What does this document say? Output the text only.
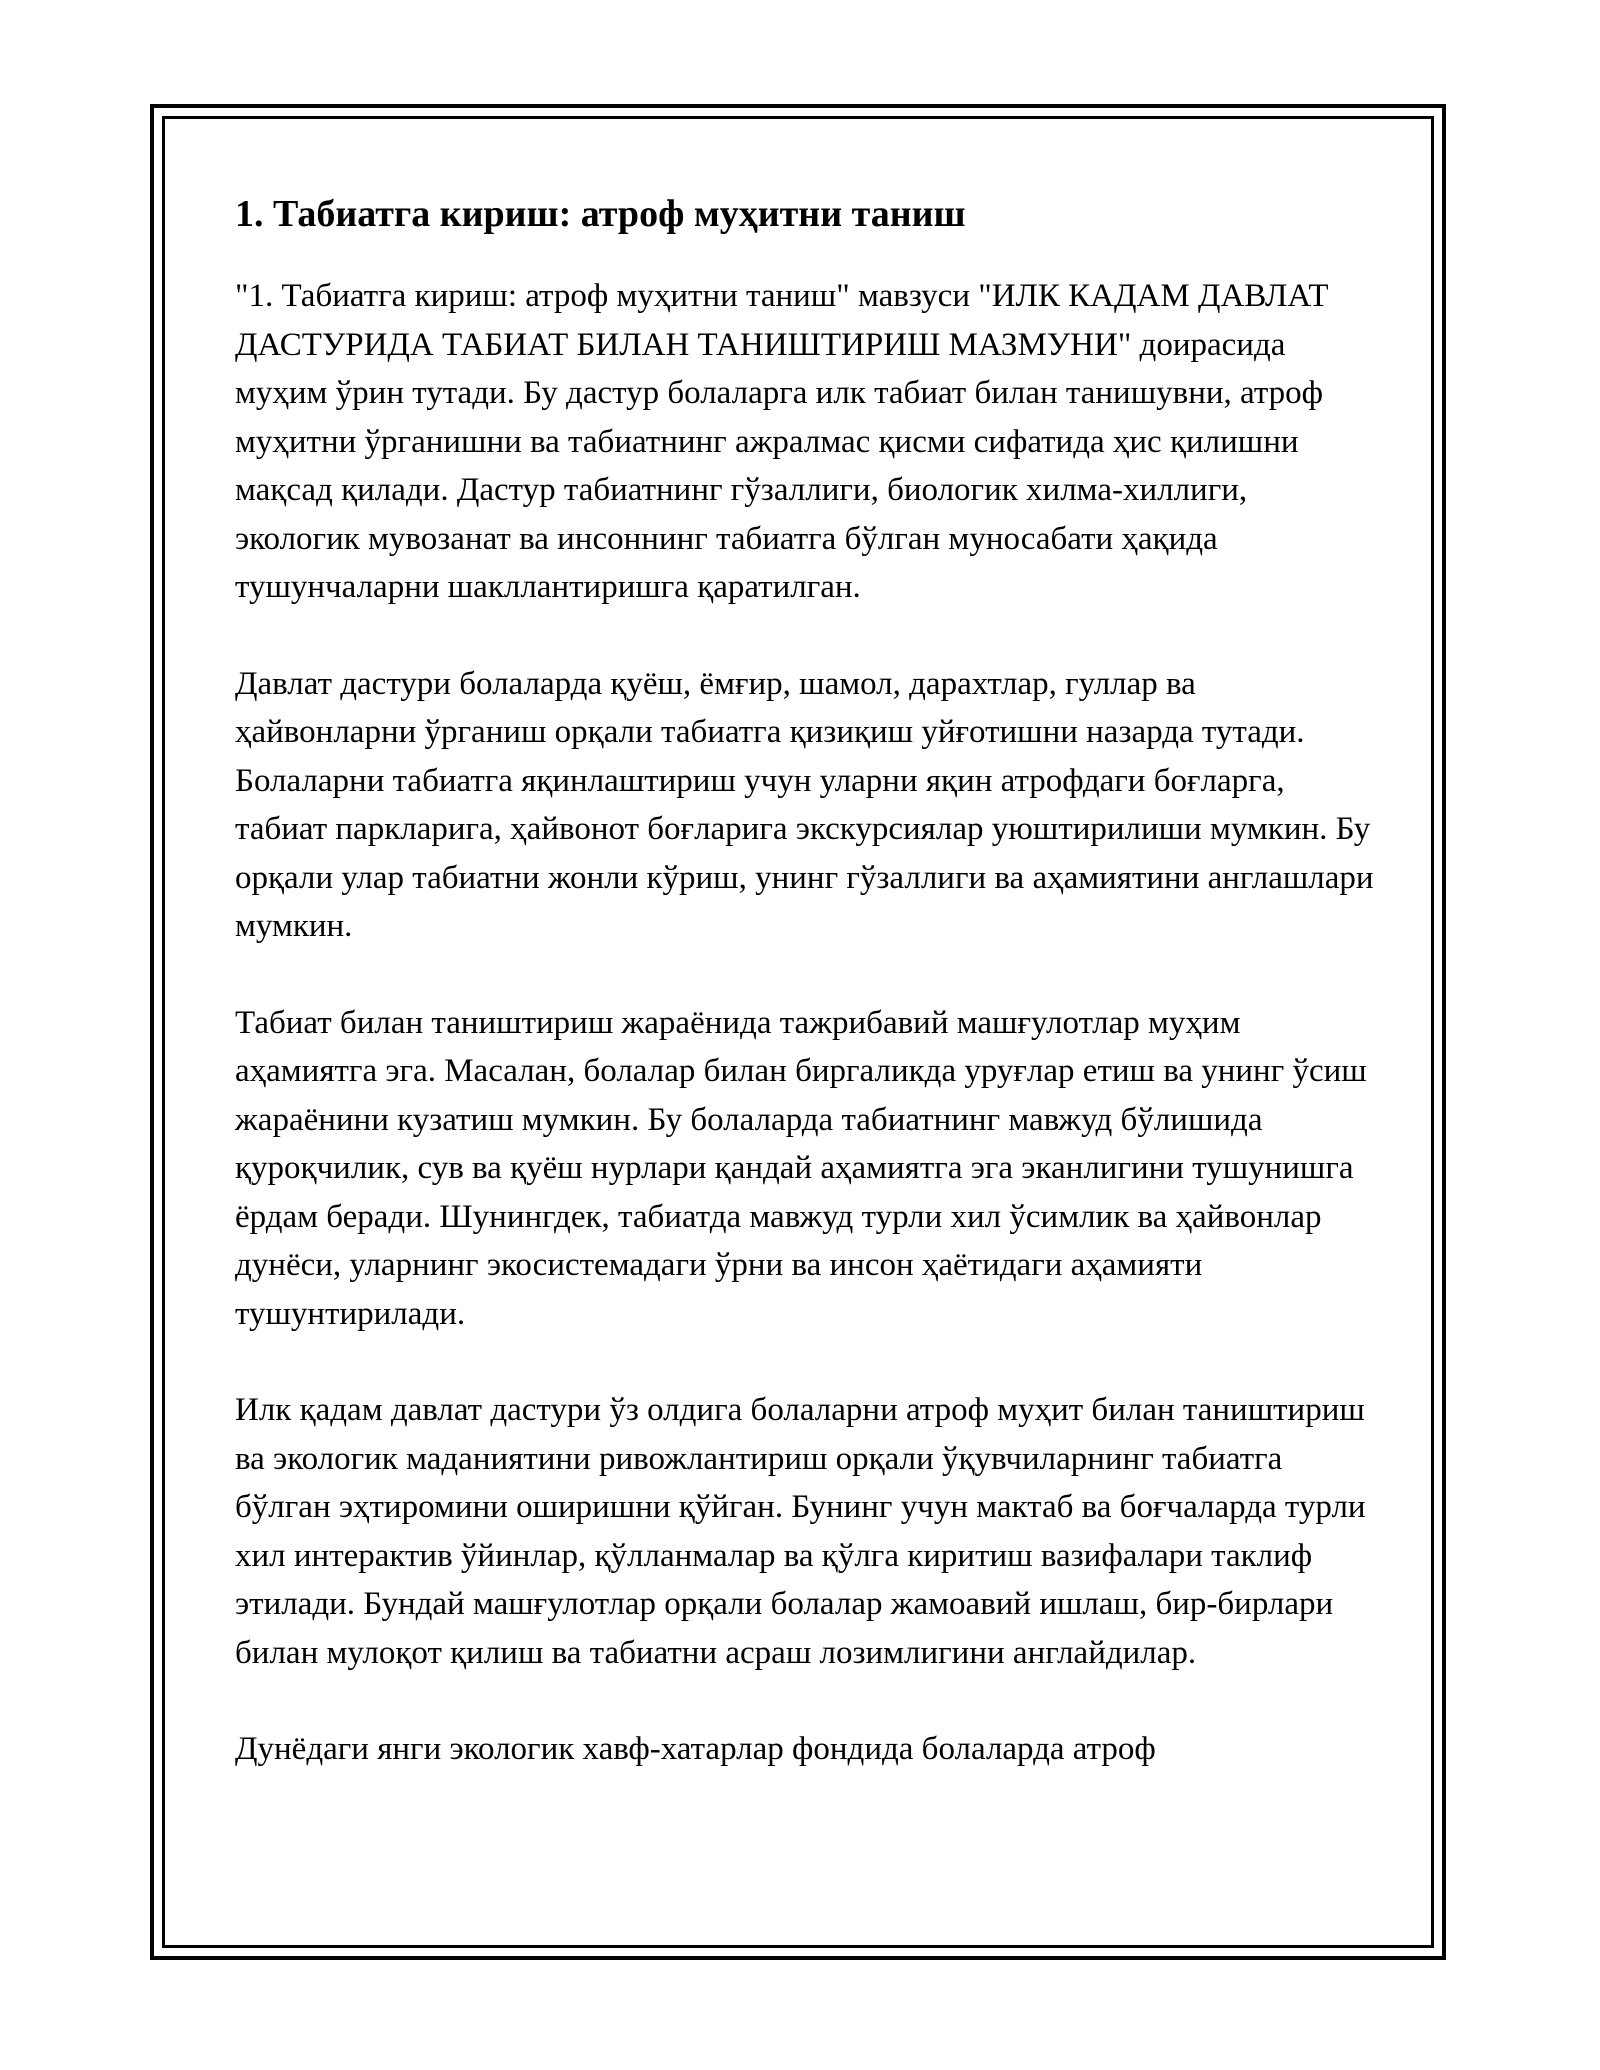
1. Табиатга кириш: атроф муҳитни таниш

"1. Табиатга кириш: атроф муҳитни таниш" мавзуси "ИЛК КАДАМ ДАВЛАТ ДАСТУРИДА ТАБИАТ БИЛАН ТАНИШТИРИШ МАЗМУНИ" доирасида муҳим ўрин тутади. Бу дастур болаларга илк табиат билан танишувни, атроф муҳитни ўрганишни ва табиатнинг ажралмас қисми сифатида ҳис қилишни мақсад қилади. Дастур табиатнинг гўзаллиги, биологик хилма-хиллиги, экологик мувозанат ва инсоннинг табиатга бўлган муносабати ҳақида тушунчаларни шакллантиришга қаратилган.

Давлат дастури болаларда қуёш, ёмғир, шамол, дарахтлар, гуллар ва ҳайвонларни ўрганиш орқали табиатга қизиқиш уйғотишни назарда тутади. Болаларни табиатга яқинлаштириш учун уларни яқин атрофдаги боғларга, табиат паркларига, ҳайвонот боғларига экскурсиялар уюштирилиши мумкин. Бу орқали улар табиатни жонли кўриш, унинг гўзаллиги ва аҳамиятини англашлари мумкин.

Табиат билан таништириш жараёнида тажрибавий машғулотлар муҳим аҳамиятга эга. Масалан, болалар билан биргаликда уруғлар етиш ва унинг ўсиш жараёнини кузатиш мумкин. Бу болаларда табиатнинг мавжуд бўлишида қуроқчилик, сув ва қуёш нурлари қандай аҳамиятга эга эканлигини тушунишга ёрдам беради. Шунингдек, табиатда мавжуд турли хил ўсимлик ва ҳайвонлар дунёси, уларнинг экосистемадаги ўрни ва инсон ҳаётидаги аҳамияти тушунтирилади.

Илк қадам давлат дастури ўз олдига болаларни атроф муҳит билан таништириш ва экологик маданиятини ривожлантириш орқали ўқувчиларнинг табиатга бўлган эҳтиромини оширишни қўйган. Бунинг учун мактаб ва боғчаларда турли хил интерактив ўйинлар, қўлланмалар ва қўлга киритиш вазифалари таклиф этилади. Бундай машғулотлар орқали болалар жамоавий ишлаш, бир-бирлари билан мулоқот қилиш ва табиатни асраш лозимлигини англайдилар.

Дунёдаги янги экологик хавф-хатарлар фондида болаларда атроф
